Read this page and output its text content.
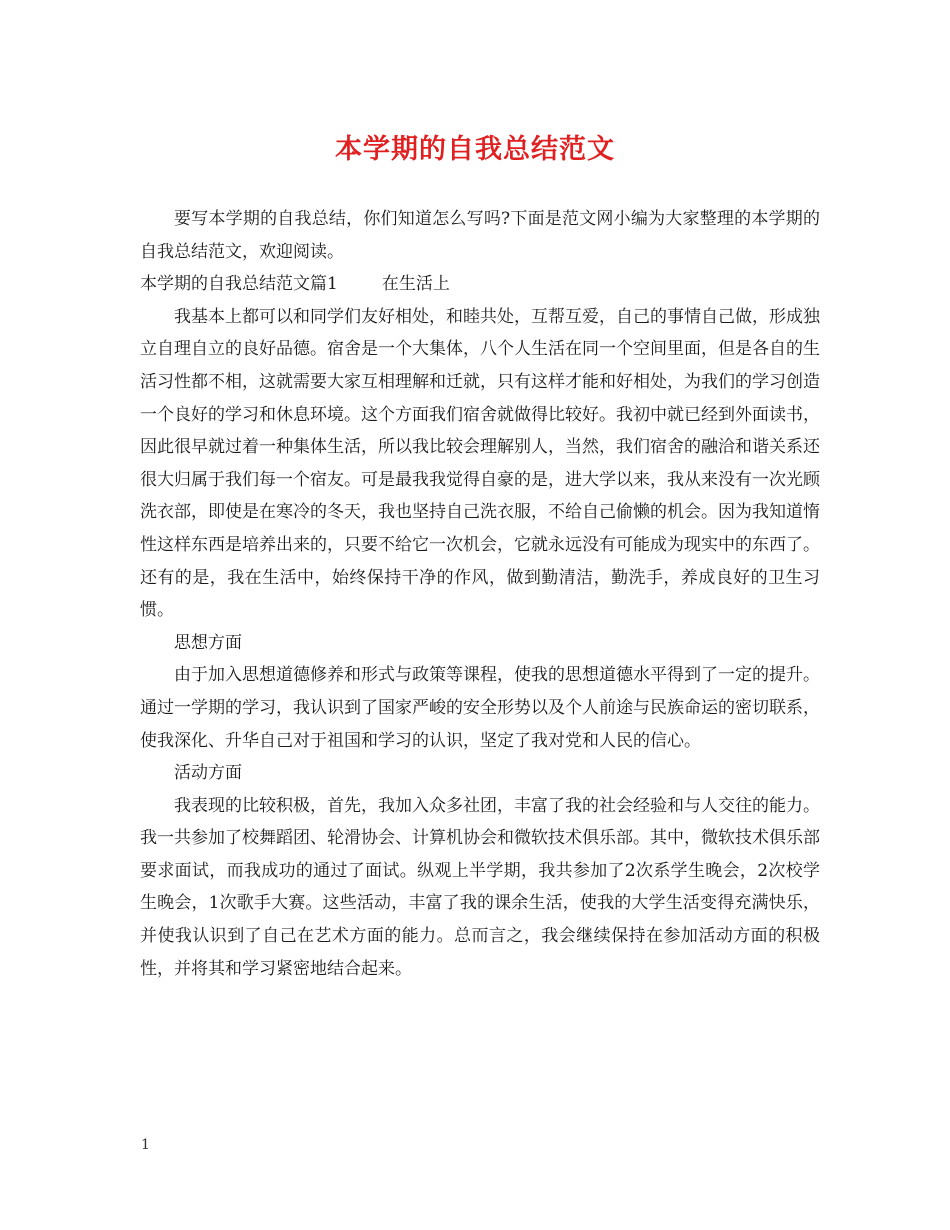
本学期的自我总结范文

要写本学期的自我总结，你们知道怎么写吗?下面是范文网小编为大家整理的本学期的自我总结范文，欢迎阅读。

本学期的自我总结范文篇1	在生活上

我基本上都可以和同学们友好相处，和睦共处，互帮互爱，自己的事情自己做，形成独立自理自立的良好品德。宿舍是一个大集体，八个人生活在同一个空间里面，但是各自的生活习性都不相，这就需要大家互相理解和迁就，只有这样才能和好相处，为我们的学习创造一个良好的学习和休息环境。这个方面我们宿舍就做得比较好。我初中就已经到外面读书，因此很早就过着一种集体生活，所以我比较会理解别人，当然，我们宿舍的融洽和谐关系还很大归属于我们每一个宿友。可是最我我觉得自豪的是，进大学以来，我从来没有一次光顾洗衣部，即使是在寒冷的冬天，我也坚持自己洗衣服，不给自己偷懒的机会。因为我知道惰性这样东西是培养出来的，只要不给它一次机会，它就永远没有可能成为现实中的东西了。还有的是，我在生活中，始终保持干净的作风，做到勤清洁，勤洗手，养成良好的卫生习惯。

思想方面

由于加入思想道德修养和形式与政策等课程，使我的思想道德水平得到了一定的提升。通过一学期的学习，我认识到了国家严峻的安全形势以及个人前途与民族命运的密切联系，使我深化、升华自己对于祖国和学习的认识，坚定了我对党和人民的信心。

活动方面

我表现的比较积极，首先，我加入众多社团，丰富了我的社会经验和与人交往的能力。我一共参加了校舞蹈团、轮滑协会、计算机协会和微软技术俱乐部。其中，微软技术俱乐部要求面试，而我成功的通过了面试。纵观上半学期，我共参加了2次系学生晚会，2次校学生晚会，1次歌手大赛。这些活动，丰富了我的课余生活，使我的大学生活变得充满快乐，并使我认识到了自己在艺术方面的能力。总而言之，我会继续保持在参加活动方面的积极性，并将其和学习紧密地结合起来。

1
